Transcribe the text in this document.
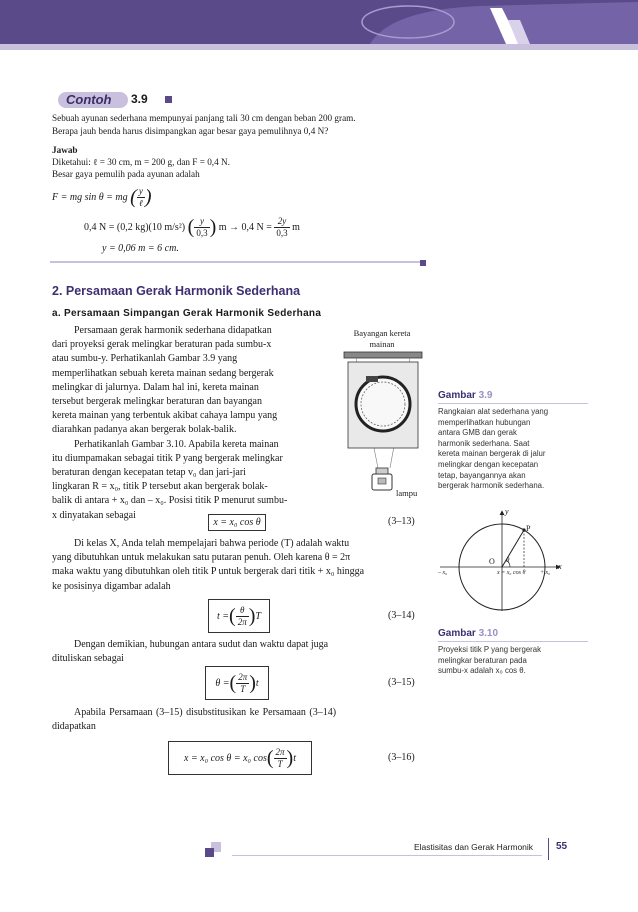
Contoh 3.9
Sebuah ayunan sederhana mempunyai panjang tali 30 cm dengan beban 200 gram.
Berapa jauh benda harus disimpangkan agar besar gaya pemulihnya 0,4 N?
Jawab
Diketahui: ℓ = 30 cm, m = 200 g, dan F = 0,4 N.
Besar gaya pemulih pada ayunan adalah
F = mg sin θ = mg ( $\frac{y}{\text{ℓ}}$ )
0,4 N = (0,2 kg)(10 m/s²) ( $\frac{y}{0,3}$ ) m → 0,4 $N = \frac{2y}{0,3}$ m
y = 0,06 m = 6 cm.
2. Persamaan Gerak Harmonik Sederhana
a. Persamaan Simpangan Gerak Harmonik Sederhana
Persamaan gerak harmonik sederhana didapatkan
dari proyeksi gerak melingkar beraturan pada sumbu-x
atau sumbu-y. Perhatikanlah Gambar 3.9 yang
memperlihatkan sebuah kereta mainan sedang bergerak
melingkar di jalurnya. Dalam hal ini, kereta mainan
tersebut bergerak melingkar beraturan dan bayangan
kereta mainan yang terbentuk akibat cahaya lampu yang
diarahkan padanya akan bergerak bolak-balik.
Perhatikanlah Gambar 3.10. Apabila kereta mainan
itu diumpamakan sebagai titik P yang bergerak melingkar
beraturan dengan kecepatan tetap v₀ dan jari-jari
lingkaran R = x₀, titik P tersebut akan bergerak bolak-
balik di antara + x₀ dan – x₀. Posisi titik P menurut sumbu-
x dinyatakan sebagai
Bayangan kereta
mainan
lampu
Gambar 3.9
Rangkaian alat sederhana yang
memperlihatkan hubungan
antara GMB dan gerak
harmonik sederhana. Saat
kereta mainan bergerak di jalur
melingkar dengan kecepatan
tetap, bayangannya akan
bergerak harmonik sederhana.
y
x
P
O θ
– x₀	+ x₀
x = x₀ cos θ
Gambar 3.10
Proyeksi titik P yang bergerak
melingkar beraturan pada
sumbu-x adalah x₀ cos θ.
x = x₀ cos θ	(3–13)
Di kelas X, Anda telah mempelajari bahwa periode (T) adalah waktu
yang dibutuhkan untuk melakukan satu putaran penuh. Oleh karena θ = 2π
maka waktu yang dibutuhkan oleh titik P untuk bergerak dari titik + x₀ hingga
ke posisinya digambar adalah
t = ( $\frac{\theta}{2\pi}$ ) T	(3–14)
Dengan demikian, hubungan antara sudut dan waktu dapat juga
dituliskan sebagai
θ = ( $\frac{2\pi}{T}$ ) t	(3–15)
Apabila Persamaan (3–15) disubstitusikan ke Persamaan (3–14)
didapatkan
x = x₀ cos θ = x₀ cos ( $\frac{2\pi}{T}$ ) t	(3–16)
Elastisitas dan Gerak Harmonik 55
